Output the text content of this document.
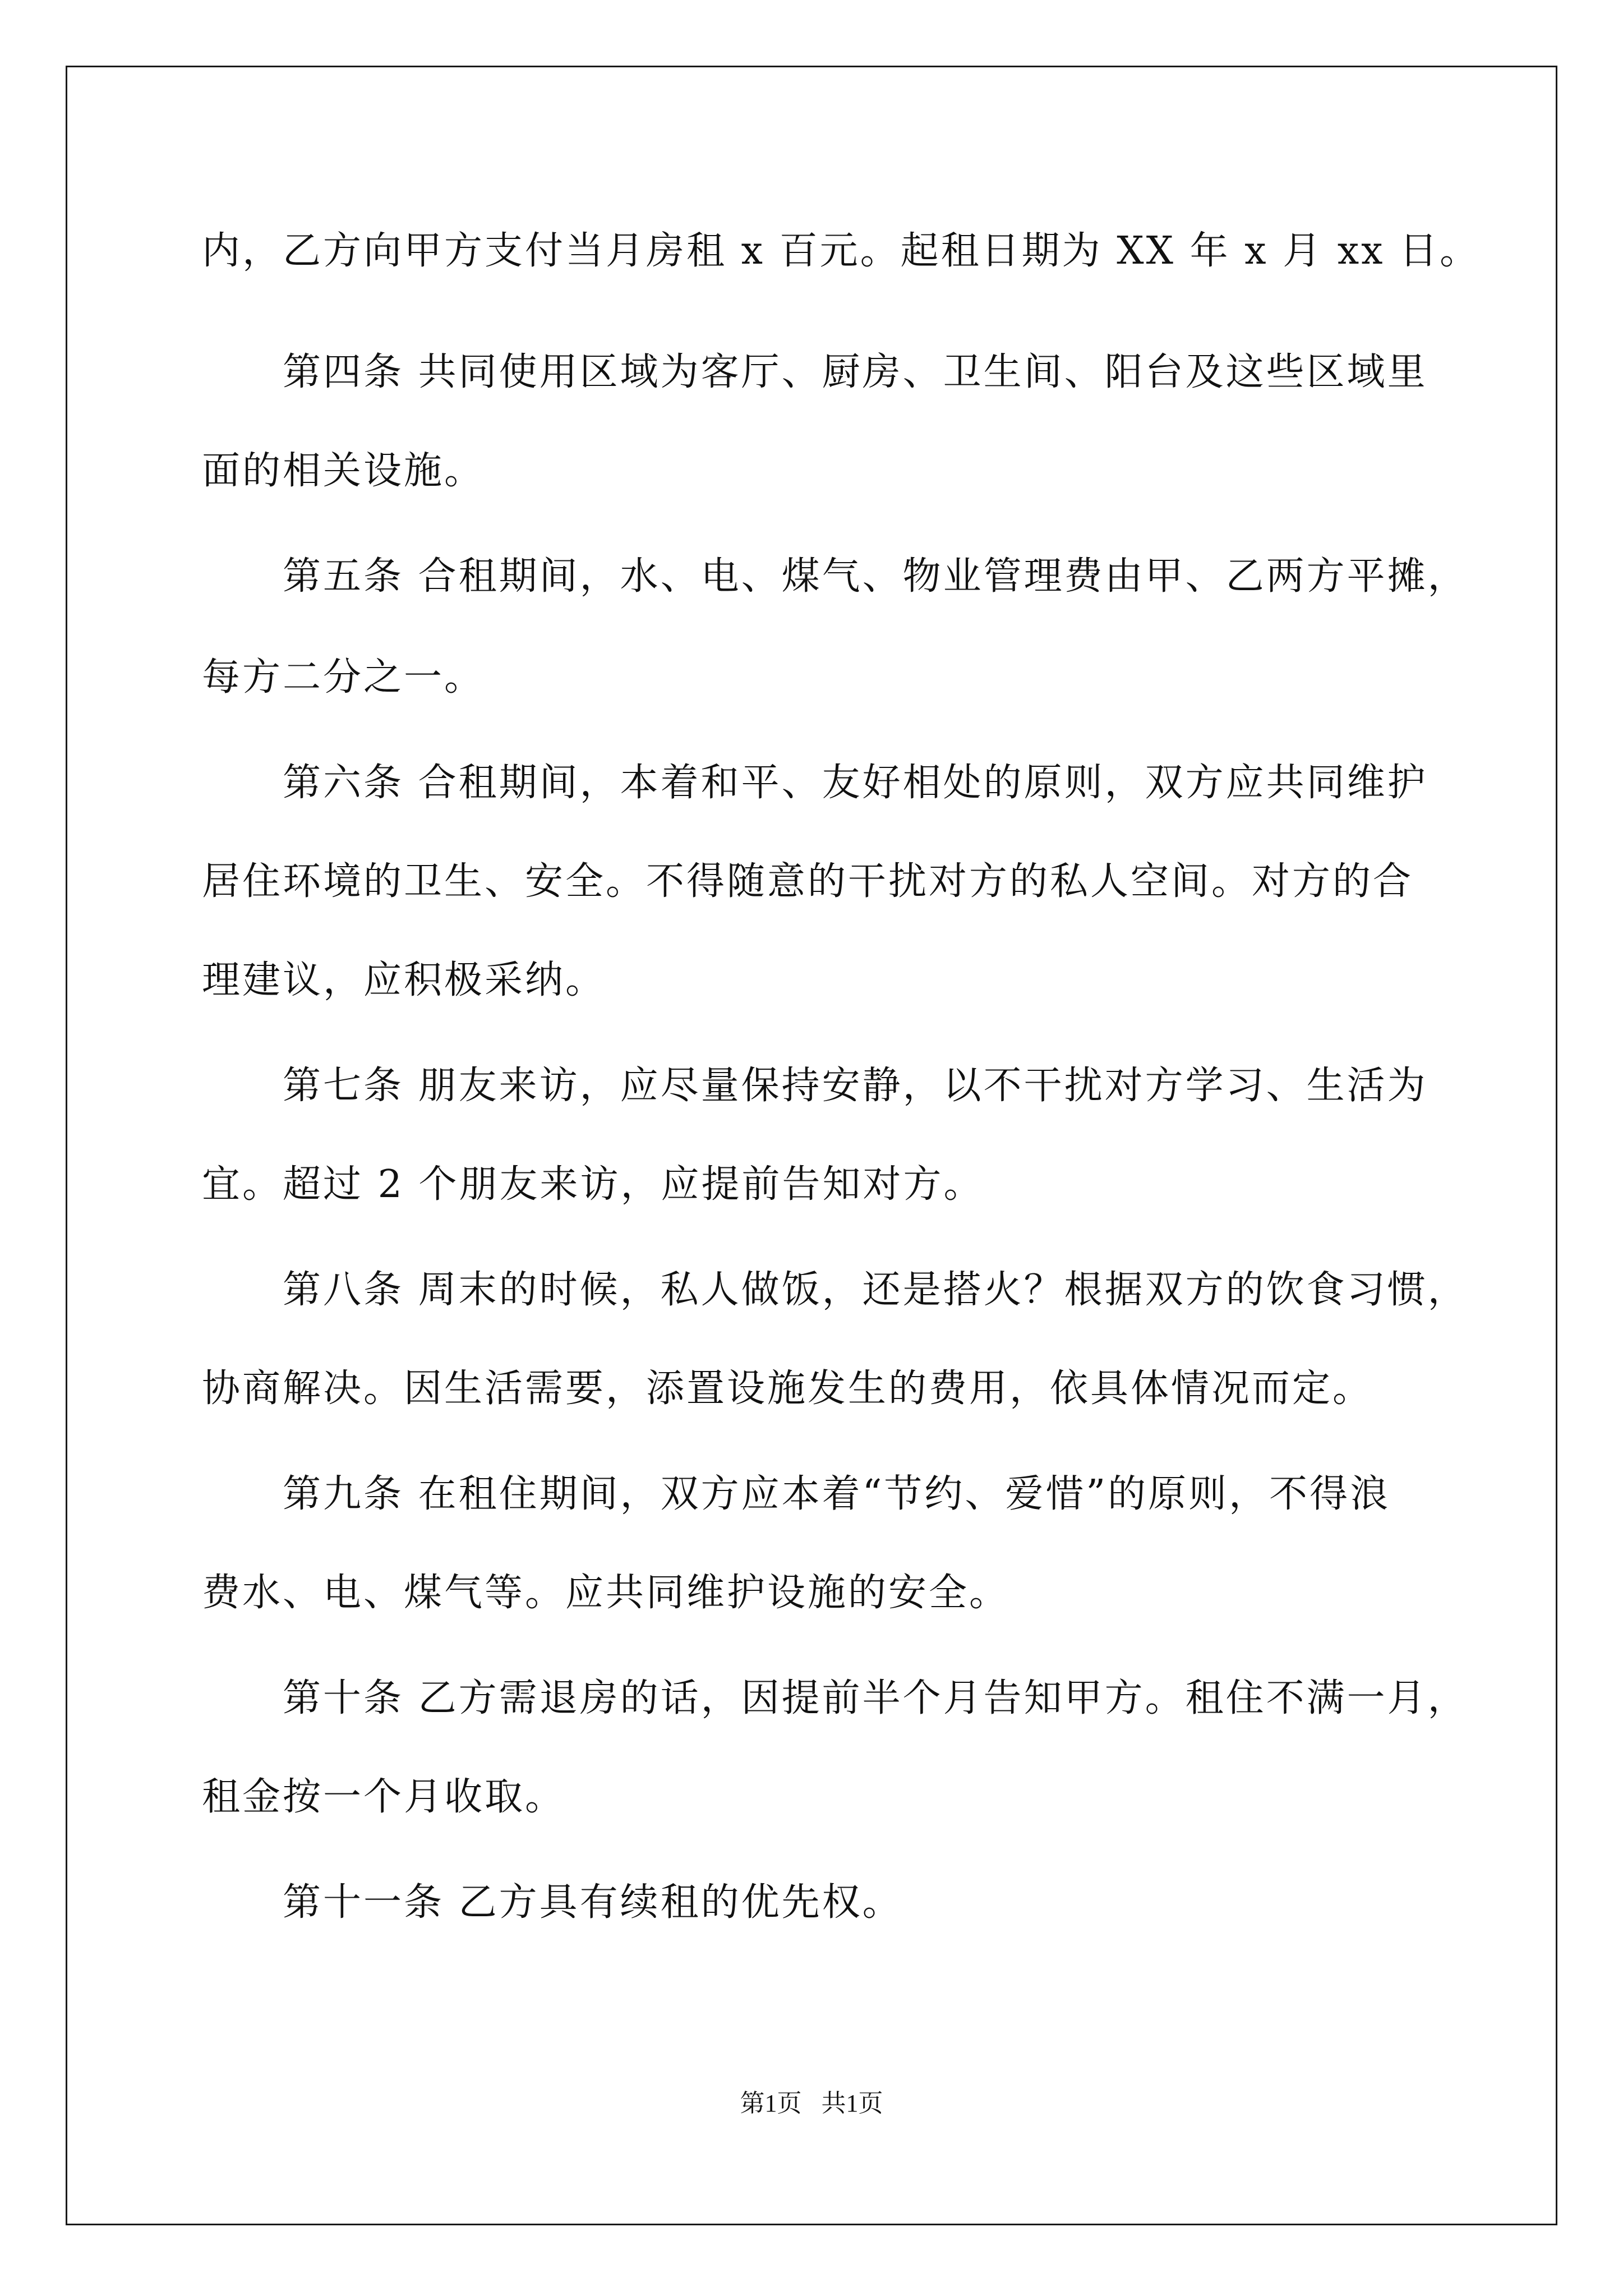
内，乙方向甲方支付当月房租 x 百元。起租日期为 XX 年 x 月 xx 日。
第四条 共同使用区域为客厅、厨房、卫生间、阳台及这些区域里
面的相关设施。
第五条 合租期间，水、电、煤气、物业管理费由甲、乙两方平摊，
每方二分之一。
第六条 合租期间，本着和平、友好相处的原则，双方应共同维护
居住环境的卫生、安全。不得随意的干扰对方的私人空间。对方的合
理建议，应积极采纳。
第七条 朋友来访，应尽量保持安静，以不干扰对方学习、生活为
宜。超过 2 个朋友来访，应提前告知对方。
第八条 周末的时候，私人做饭，还是搭火？根据双方的饮食习惯，
协商解决。因生活需要，添置设施发生的费用，依具体情况而定。
第九条 在租住期间，双方应本着“节约、爱惜”的原则，不得浪
费水、电、煤气等。应共同维护设施的安全。
第十条 乙方需退房的话，因提前半个月告知甲方。租住不满一月，
租金按一个月收取。
第十一条 乙方具有续租的优先权。
第1页 共1页
